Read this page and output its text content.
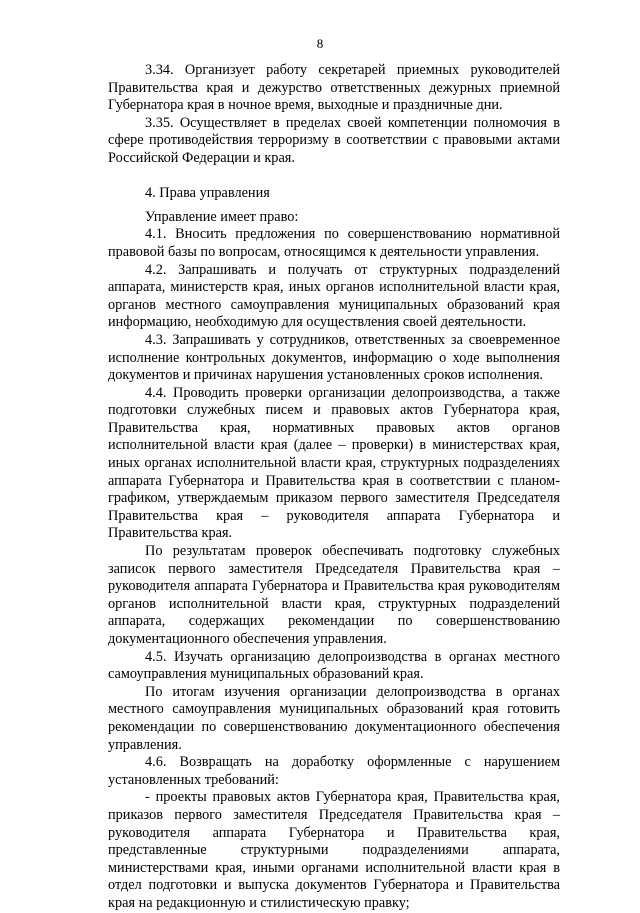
8

3.34. Организует работу секретарей приемных руководителей Правительства края и дежурство ответственных дежурных приемной Губернатора края в ночное время, выходные и праздничные дни.

3.35. Осуществляет в пределах своей компетенции полномочия в сфере противодействия терроризму в соответствии с правовыми актами Российской Федерации и края.

4. Права управления

Управление имеет право:

4.1. Вносить предложения по совершенствованию нормативной правовой базы по вопросам, относящимся к деятельности управления.

4.2. Запрашивать и получать от структурных подразделений аппарата, министерств края, иных органов исполнительной власти края, органов местного самоуправления муниципальных образований края информацию, необходимую для осуществления своей деятельности.

4.3. Запрашивать у сотрудников, ответственных за своевременное исполнение контрольных документов, информацию о ходе выполнения документов и причинах нарушения установленных сроков исполнения.

4.4. Проводить проверки организации делопроизводства, а также подготовки служебных писем и правовых актов Губернатора края, Правительства края, нормативных правовых актов органов исполнительной власти края (далее – проверки) в министерствах края, иных органах исполнительной власти края, структурных подразделениях аппарата Губернатора и Правительства края в соответствии с планом-графиком, утверждаемым приказом первого заместителя Председателя Правительства края – руководителя аппарата Губернатора и Правительства края.

По результатам проверок обеспечивать подготовку служебных записок первого заместителя Председателя Правительства края – руководителя аппарата Губернатора и Правительства края руководителям органов исполнительной власти края, структурных подразделений аппарата, содержащих рекомендации по совершенствованию документационного обеспечения управления.

4.5. Изучать организацию делопроизводства в органах местного самоуправления муниципальных образований края.

По итогам изучения организации делопроизводства в органах местного самоуправления муниципальных образований края готовить рекомендации по совершенствованию документационного обеспечения управления.

4.6. Возвращать на доработку оформленные с нарушением установленных требований:

- проекты правовых актов Губернатора края, Правительства края, приказов первого заместителя Председателя Правительства края – руководителя аппарата Губернатора и Правительства края, представленные структурными подразделениями аппарата, министерствами края, иными органами исполнительной власти края в отдел подготовки и выпуска документов Губернатора и Правительства края на редакционную и стилистическую правку;
